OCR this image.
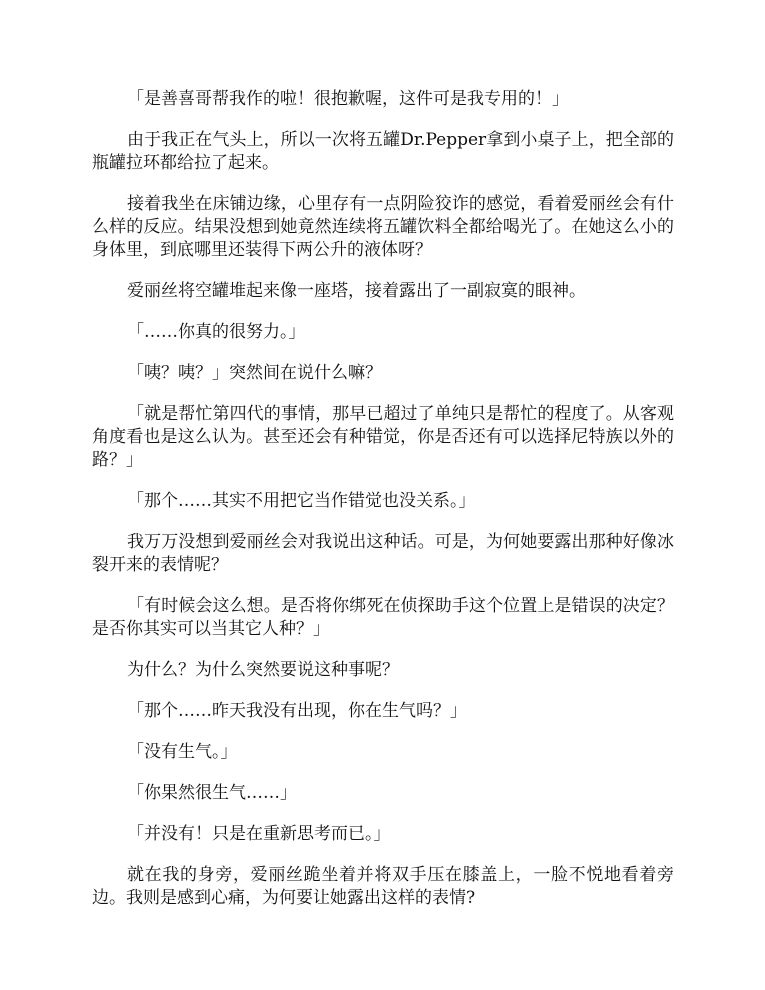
「是善喜哥帮我作的啦！很抱歉喔，这件可是我专用的！」

由于我正在气头上，所以一次将五罐Dr.Pepper拿到小桌子上，把全部的瓶罐拉环都给拉了起来。

接着我坐在床铺边缘，心里存有一点阴险狡诈的感觉，看着爱丽丝会有什么样的反应。结果没想到她竟然连续将五罐饮料全都给喝光了。在她这么小的身体里，到底哪里还装得下两公升的液体呀？

爱丽丝将空罐堆起来像一座塔，接着露出了一副寂寞的眼神。

「……你真的很努力。」

「咦？咦？」突然间在说什么嘛？

「就是帮忙第四代的事情，那早已超过了单纯只是帮忙的程度了。从客观角度看也是这么认为。甚至还会有种错觉，你是否还有可以选择尼特族以外的路？」

「那个……其实不用把它当作错觉也没关系。」

我万万没想到爱丽丝会对我说出这种话。可是，为何她要露出那种好像冰裂开来的表情呢？

「有时候会这么想。是否将你绑死在侦探助手这个位置上是错误的决定？是否你其实可以当其它人种？」

为什么？为什么突然要说这种事呢？

「那个……昨天我没有出现，你在生气吗？」

「没有生气。」

「你果然很生气……」

「并没有！只是在重新思考而已。」

就在我的身旁，爱丽丝跪坐着并将双手压在膝盖上，一脸不悦地看着旁边。我则是感到心痛，为何要让她露出这样的表情?
